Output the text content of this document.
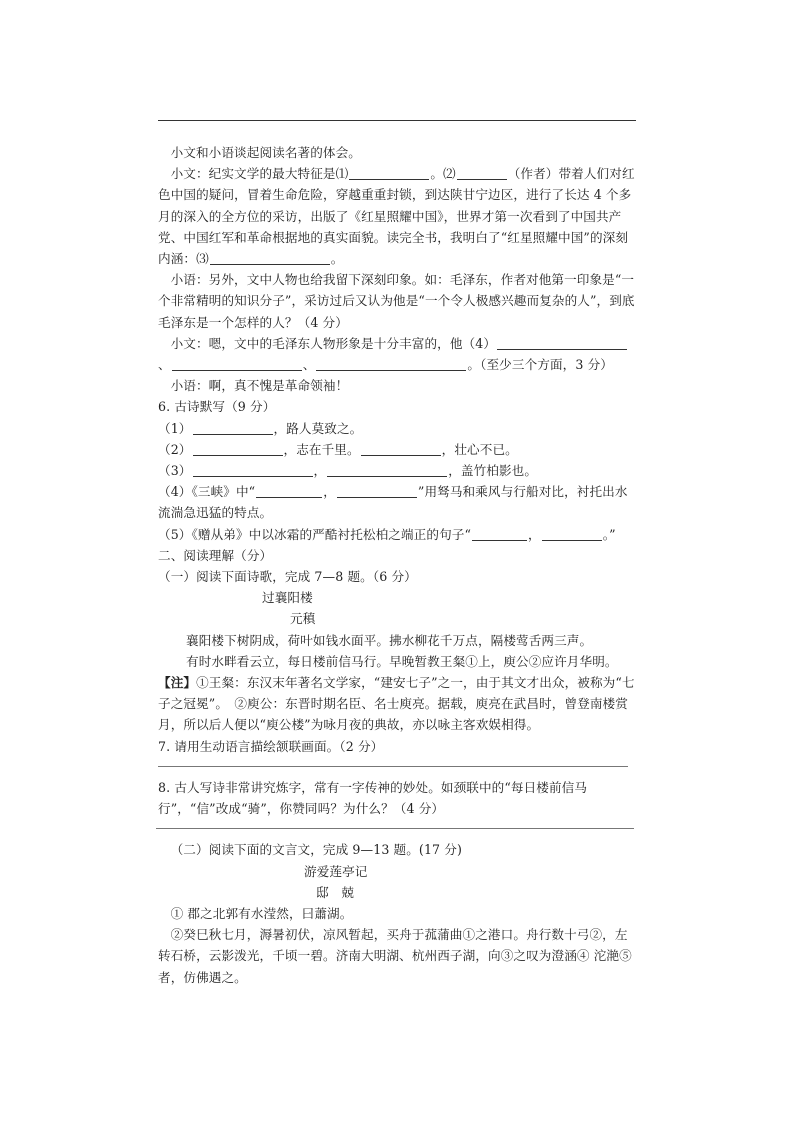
小文和小语谈起阅读名著的体会。

小文：纪实文学的最大特征是⑴	。⑵	（作者）带着人们对红色中国的疑问，冒着生命危险，穿越重重封锁，到达陕甘宁边区，进行了长达 4 个多月的深入的全方位的采访，出版了《红星照耀中国》，世界才第一次看到了中国共产党、中国红军和革命根据地的真实面貌。读完全书，我明白了“红星照耀中国”的深刻内涵：⑶	。

小语：另外，文中人物也给我留下深刻印象。如：毛泽东，作者对他第一印象是“一个非常精明的知识分子”，采访过后又认为他是“一个令人极感兴趣而复杂的人”，到底毛泽东是一个怎样的人？（4 分）

小文：嗯，文中的毛泽东人物形象是十分丰富的，他（4）、	、	。（至少三个方面，3 分）

小语：啊，真不愧是革命领袖！

6. 古诗默写（9 分）

（1）	，路人莫致之。

（2）	，志在千里。	，壮心不已。

（3）	，	，盖竹柏影也。

（4）《三峡》中“	，	”用驽马和乘风与行船对比，衬托出水流湍急迅猛的特点。

（5）《赠从弟》中以冰霜的严酷衬托松柏之端正的句子“	，	。”

二、阅读理解（分）

（一）阅读下面诗歌，完成 7—8 题。（6 分）

过襄阳楼

元稹

襄阳楼下树阴成，荷叶如钱水面平。拂水柳花千万点，隔楼莺舌两三声。

有时水畔看云立，每日楼前信马行。早晚暂教王粲①上，庾公②应许月华明。

【注】①王粲：东汉末年著名文学家，“建安七子”之一，由于其文才出众，被称为“七子之冠冕”。　②庾公：东晋时期名臣、名士庾亮。据载，庾亮在武昌时，曾登南楼赏月，所以后人便以“庾公楼”为咏月夜的典故，亦以咏主客欢娱相得。

7. 请用生动语言描绘颔联画面。（2 分）

8. 古人写诗非常讲究炼字，常有一字传神的妙处。如颈联中的“每日楼前信马行”，“信”改成“骑”，你赞同吗？为什么？（4 分）

（二）阅读下面的文言文，完成 9—13 题。(17 分)

游爱莲亭记

邸　兢

① 郡之北郭有水滢然，曰蕭湖。

②癸巳秋七月，溽暑初伏，凉风暂起，买舟于菰蒲曲①之港口。舟行数十弓②，左转石桥，云影泼光，千顷一碧。济南大明湖、杭州西子湖，向③之叹为澄涵④ 沱滟⑤者，仿佛遇之。
